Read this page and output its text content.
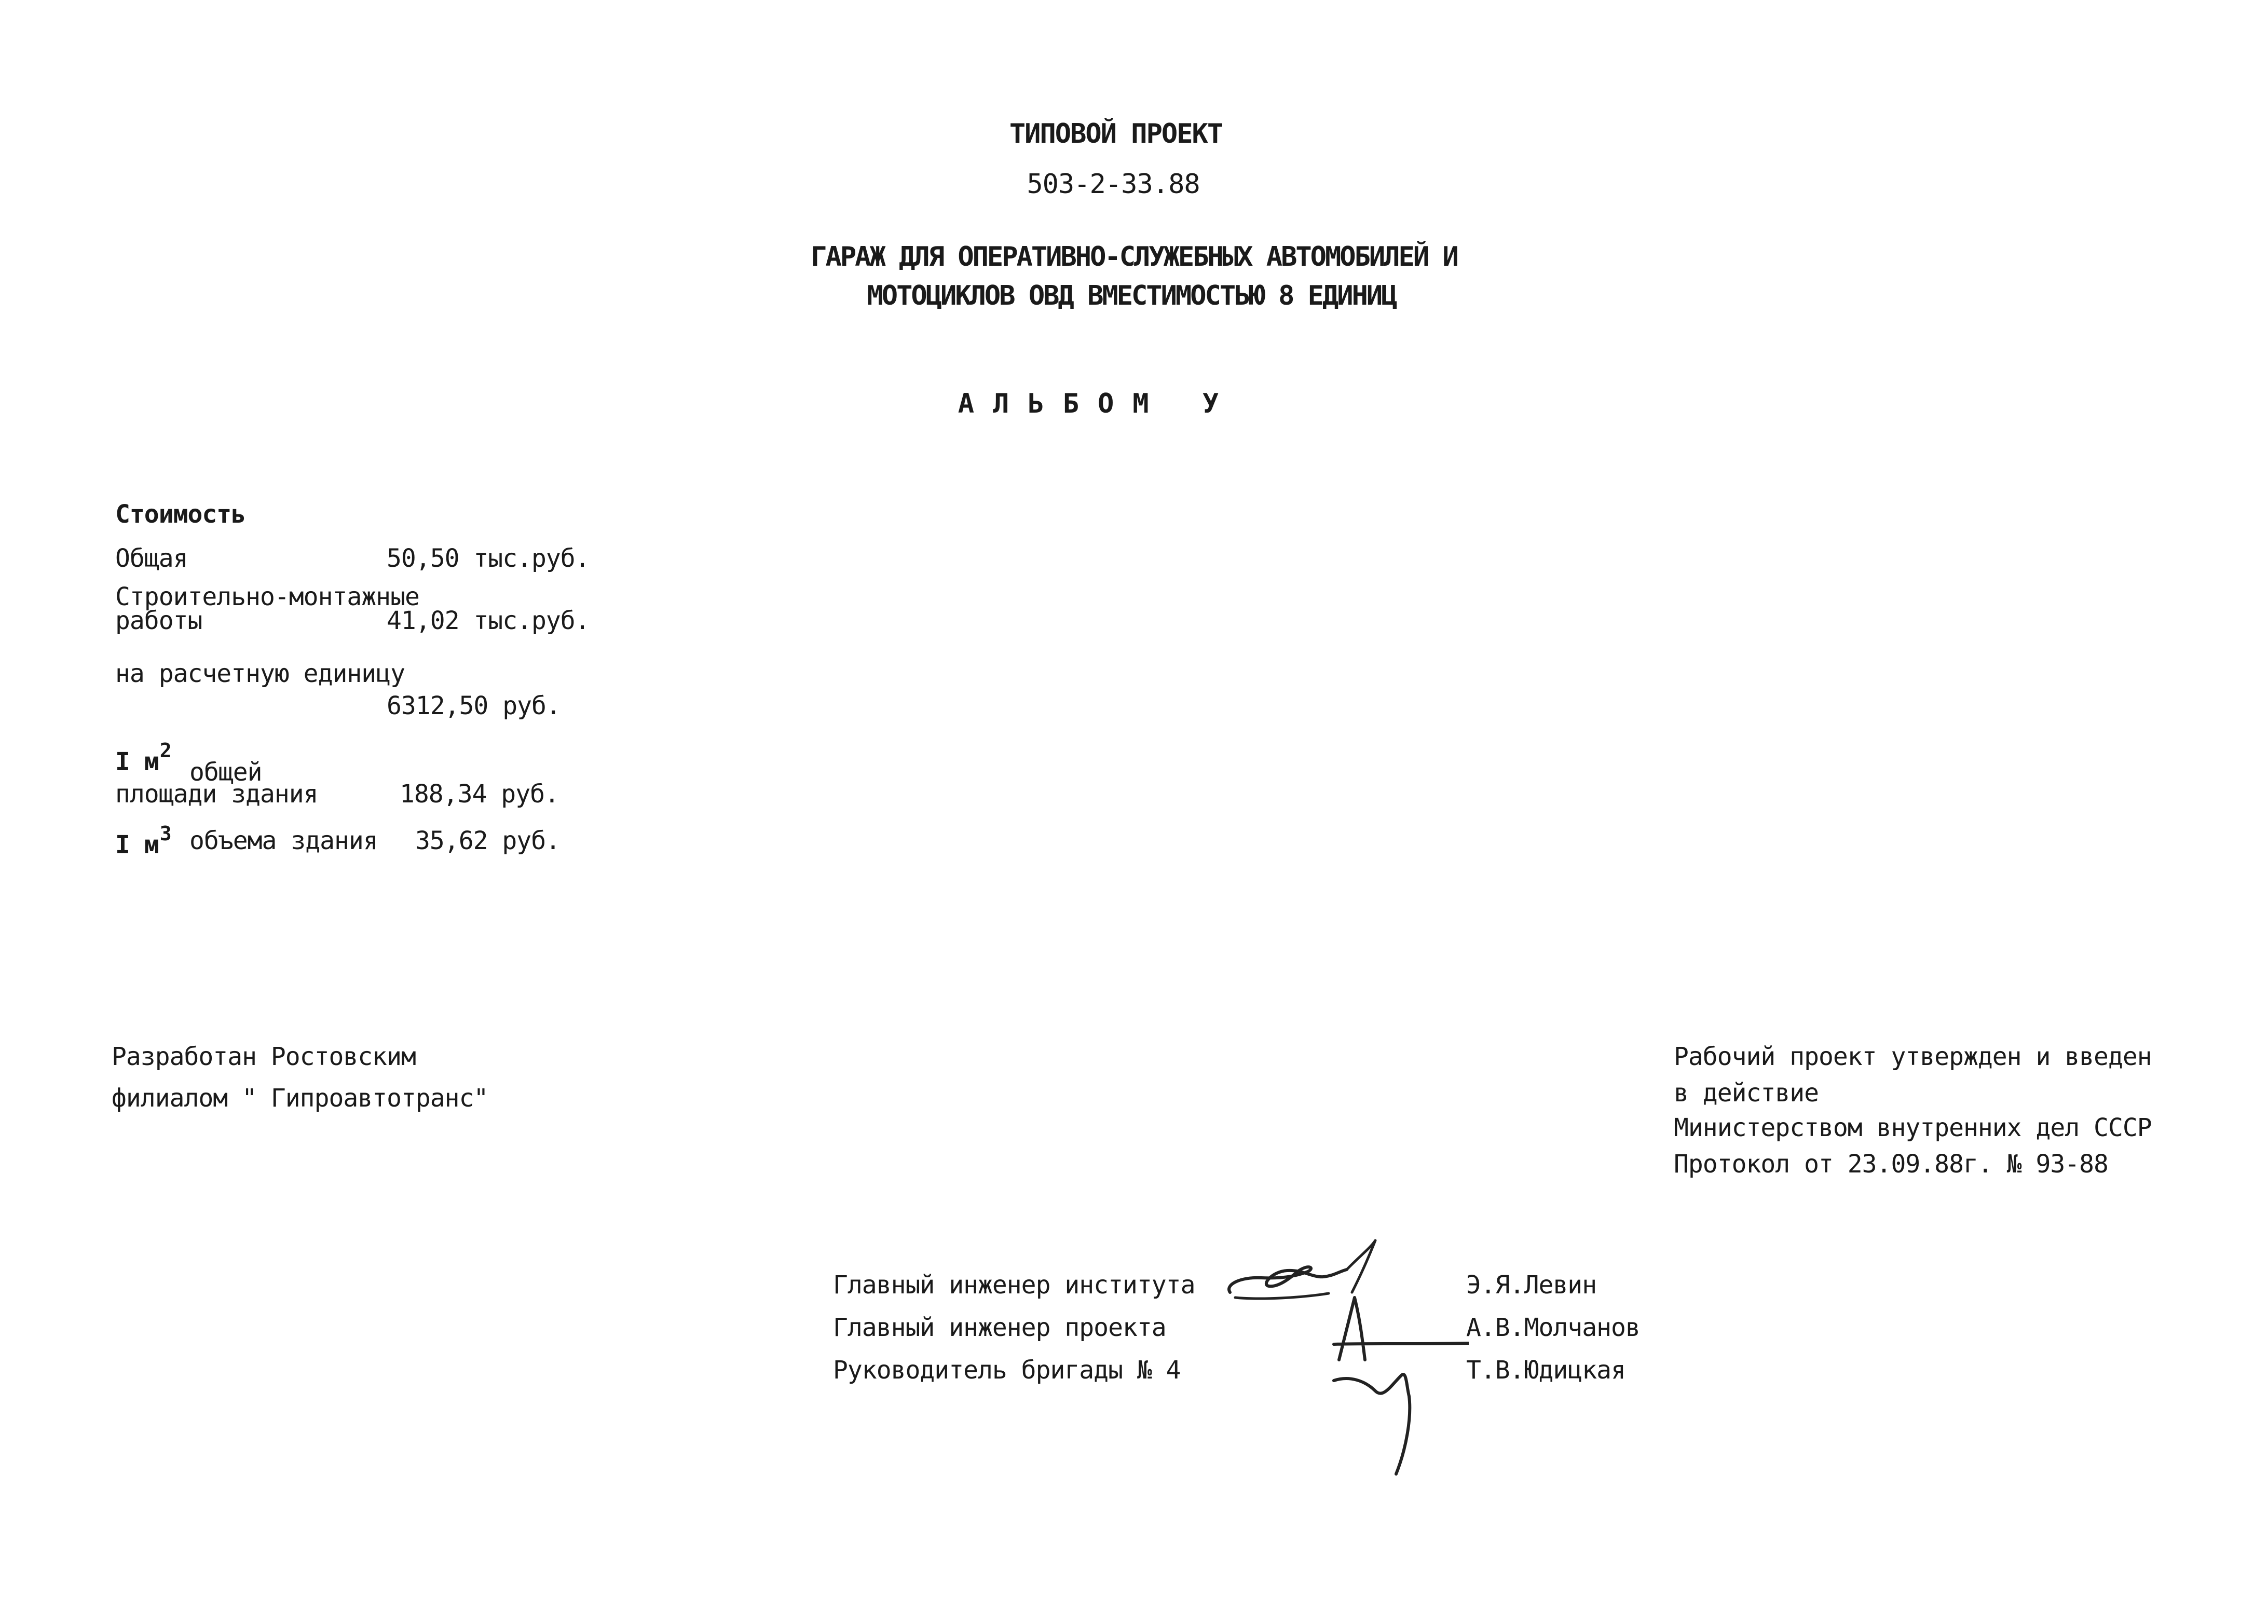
ТИПОВОЙ ПРОЕКТ
503-2-33.88
ГАРАЖ ДЛЯ ОПЕРАТИВНО-СЛУЖЕБНЫХ АВТОМОБИЛЕЙ И
МОТОЦИКЛОВ ОВД ВМЕСТИМОСТЬЮ 8 ЕДИНИЦ
АЛЬБОМ У
Стоимость
Общая	50,50 тыс.руб.
Строительно-монтажные
работы	41,02 тыс.руб.
на расчетную единицу
6312,50 руб.
I $м^2$
общей
площади здания	188,34 руб.
I $м^3$ объема здания 35,62 руб.
Разработан Ростовским
филиалом " Гипроавтотранс"
Рабочий проект утвержден и введен
в действие
Министерством внутренних дел СССР
Протокол от 23.09.88г. № 93-88
Главный инженер института	Э.Я.Левин
Главный инженер проекта	А.В.Молчанов
Руководитель бригады № 4	Т.В.Юдицкая
